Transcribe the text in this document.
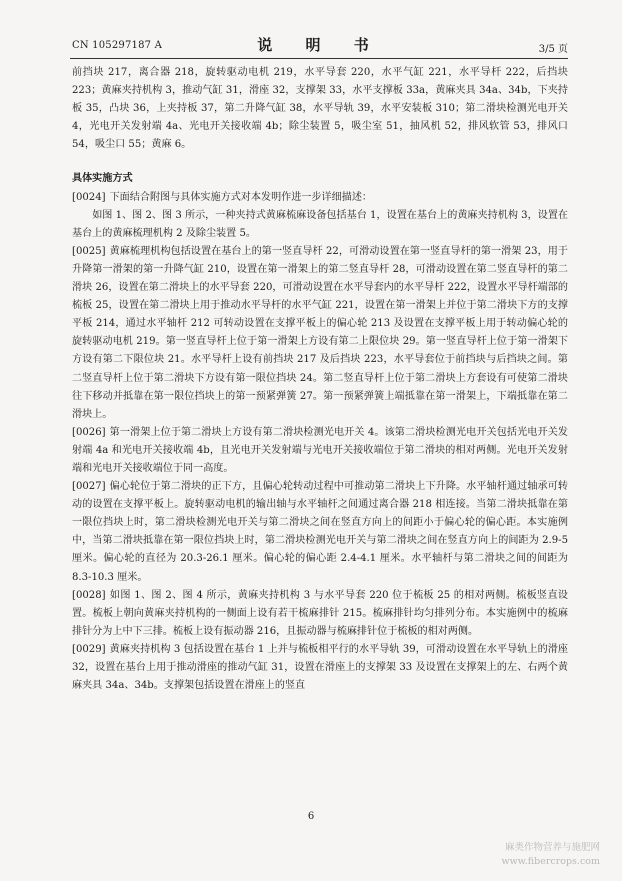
CN 105297187 A	说 明 书	3/5 页

前挡块 217，离合器 218，旋转驱动电机 219，水平导套 220，水平气缸 221，水平导杆 222，后挡块 223；黄麻夹持机构 3，推动气缸 31，滑座 32，支撑架 33，水平支撑板 33a，黄麻夹具 34a、34b，下夹持板 35，凸块 36，上夹持板 37，第二升降气缸 38，水平导轨 39，水平安装板 310；第二滑块检测光电开关 4，光电开关发射端 4a、光电开关接收端 4b；除尘装置 5，吸尘室 51，抽风机 52，排风软管 53，排风口 54，吸尘口 55；黄麻 6。

具体实施方式

[0024] 下面结合附图与具体实施方式对本发明作进一步详细描述：

如图 1、图 2、图 3 所示，一种夹持式黄麻梳麻设备包括基台 1，设置在基台上的黄麻夹持机构 3，设置在基台上的黄麻梳理机构 2 及除尘装置 5。

[0025] 黄麻梳理机构包括设置在基台上的第一竖直导杆 22，可滑动设置在第一竖直导杆的第一滑架 23，用于升降第一滑架的第一升降气缸 210，设置在第一滑架上的第二竖直导杆 28，可滑动设置在第二竖直导杆的第二滑块 26，设置在第二滑块上的水平导套 220，可滑动设置在水平导套内的水平导杆 222，设置水平导杆端部的梳板 25，设置在第二滑块上用于推动水平导杆的水平气缸 221，设置在第一滑架上并位于第二滑块下方的支撑平板 214，通过水平轴杆 212 可转动设置在支撑平板上的偏心轮 213 及设置在支撑平板上用于转动偏心轮的旋转驱动电机 219。第一竖直导杆上位于第一滑架上方设有第二上限位块 29。第一竖直导杆上位于第一滑架下方设有第二下限位块 21。水平导杆上设有前挡块 217 及后挡块 223，水平导套位于前挡块与后挡块之间。第二竖直导杆上位于第二滑块下方设有第一限位挡块 24。第二竖直导杆上位于第二滑块上方套设有可使第二滑块往下移动并抵靠在第一限位挡块上的第一预紧弹簧 27。第一预紧弹簧上端抵靠在第一滑架上，下端抵靠在第二滑块上。

[0026] 第一滑架上位于第二滑块上方设有第二滑块检测光电开关 4。该第二滑块检测光电开关包括光电开关发射端 4a 和光电开关接收端 4b，且光电开关发射端与光电开关接收端位于第二滑块的相对两侧。光电开关发射端和光电开关接收端位于同一高度。

[0027] 偏心轮位于第二滑块的正下方，且偏心轮转动过程中可推动第二滑块上下升降。水平轴杆通过轴承可转动的设置在支撑平板上。旋转驱动电机的输出轴与水平轴杆之间通过离合器 218 相连接。当第二滑块抵靠在第一限位挡块上时，第二滑块检测光电开关与第二滑块之间在竖直方向上的间距小于偏心轮的偏心距。本实施例中，当第二滑块抵靠在第一限位挡块上时，第二滑块检测光电开关与第二滑块之间在竖直方向上的间距为 2.9-5 厘米。偏心轮的直径为 20.3-26.1 厘米。偏心轮的偏心距 2.4-4.1 厘米。水平轴杆与第二滑块之间的间距为 8.3-10.3 厘米。

[0028] 如图 1、图 2、图 4 所示，黄麻夹持机构 3 与水平导套 220 位于梳板 25 的相对两侧。梳板竖直设置。梳板上朝向黄麻夹持机构的一侧面上设有若干梳麻排针 215。梳麻排针均匀排列分布。本实施例中的梳麻排针分为上中下三排。梳板上设有振动器 216，且振动器与梳麻排针位于梳板的相对两侧。

[0029] 黄麻夹持机构 3 包括设置在基台 1 上并与梳板相平行的水平导轨 39，可滑动设置在水平导轨上的滑座 32，设置在基台上用于推动滑座的推动气缸 31，设置在滑座上的支撑架 33 及设置在支撑架上的左、右两个黄麻夹具 34a、34b。支撑架包括设置在滑座上的竖直

6
麻类作物营养与施肥网
www.fibercrops.com
